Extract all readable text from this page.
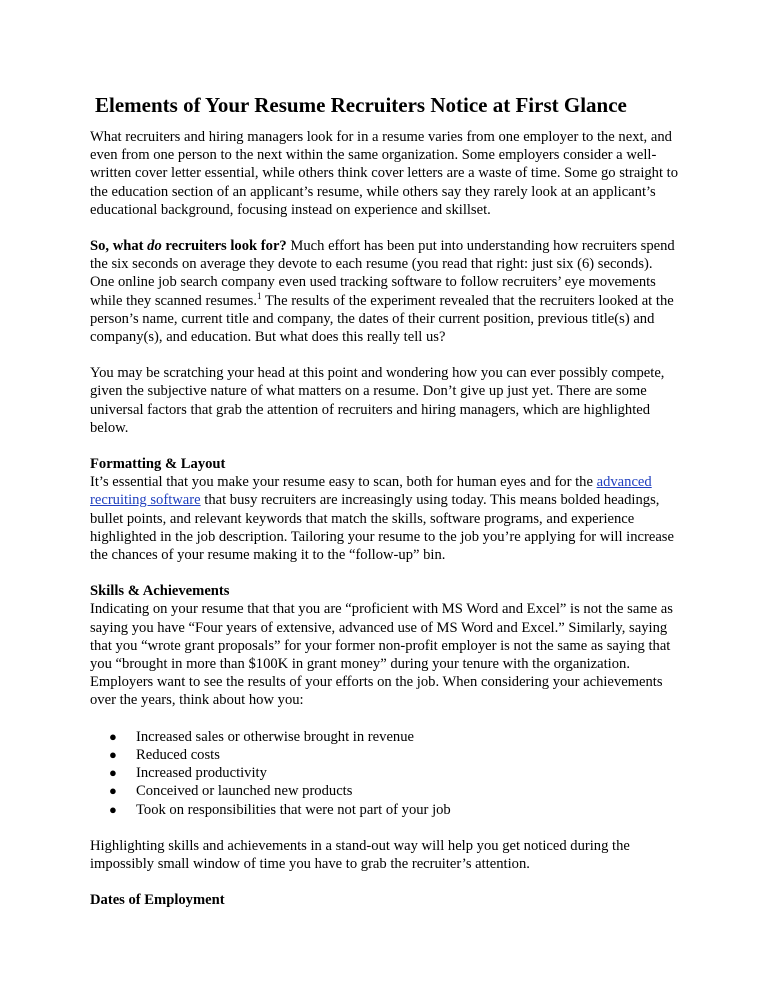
Elements of Your Resume Recruiters Notice at First Glance

What recruiters and hiring managers look for in a resume varies from one employer to the next, and even from one person to the next within the same organization. Some employers consider a well-written cover letter essential, while others think cover letters are a waste of time. Some go straight to the education section of an applicant’s resume, while others say they rarely look at an applicant’s educational background, focusing instead on experience and skillset.

So, what do recruiters look for? Much effort has been put into understanding how recruiters spend the six seconds on average they devote to each resume (you read that right: just six (6) seconds). One online job search company even used tracking software to follow recruiters’ eye movements while they scanned resumes.$^1$ The results of the experiment revealed that the recruiters looked at the person’s name, current title and company, the dates of their current position, previous title(s) and company(s), and education. But what does this really tell us?

You may be scratching your head at this point and wondering how you can ever possibly compete, given the subjective nature of what matters on a resume. Don’t give up just yet. There are some universal factors that grab the attention of recruiters and hiring managers, which are highlighted below.

Formatting & Layout

It’s essential that you make your resume easy to scan, both for human eyes and for the advanced recruiting software that busy recruiters are increasingly using today. This means bolded headings, bullet points, and relevant keywords that match the skills, software programs, and experience highlighted in the job description. Tailoring your resume to the job you’re applying for will increase the chances of your resume making it to the “follow-up” bin.

Skills & Achievements

Indicating on your resume that that you are “proficient with MS Word and Excel” is not the same as saying you have “Four years of extensive, advanced use of MS Word and Excel.” Similarly, saying that you “wrote grant proposals” for your former non-profit employer is not the same as saying that you “brought in more than $100K in grant money” during your tenure with the organization. Employers want to see the results of your efforts on the job. When considering your achievements over the years, think about how you:

●	Increased sales or otherwise brought in revenue
●	Reduced costs
●	Increased productivity
●	Conceived or launched new products
●	Took on responsibilities that were not part of your job

Highlighting skills and achievements in a stand-out way will help you get noticed during the impossibly small window of time you have to grab the recruiter’s attention.

Dates of Employment
